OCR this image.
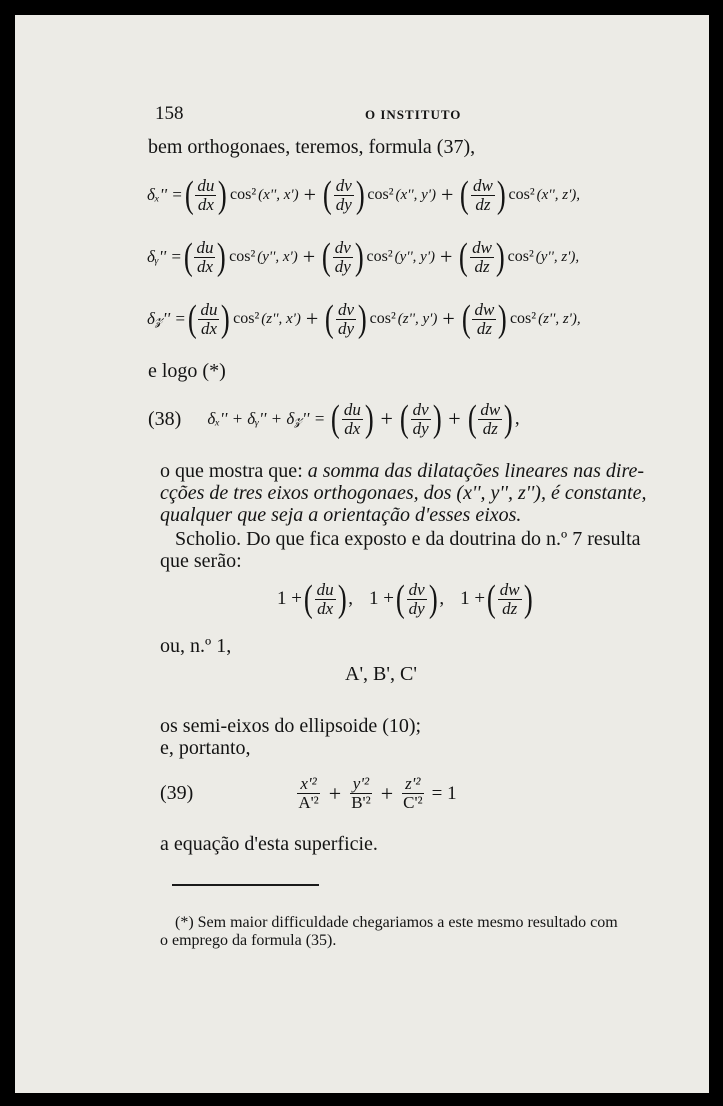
158	O INSTITUTO
bem orthogonaes, teremos, formula (37),
δₓ'' = ( $\frac{du}{dx}$ ) cos² (x'', x') + ( $\frac{dv}{dy}$ ) cos² (x'', y') + ( $\frac{dw}{dz}$ ) cos² (x'', z'),
δᵧ'' = ( $\frac{du}{dx}$ ) cos² (y'', x') + ( $\frac{dv}{dy}$ ) cos² (y'', y') + ( $\frac{dw}{dz}$ ) cos² (y'', z'),
δ𝓏'' = ( $\frac{du}{dx}$ ) cos² (z'', x') + ( $\frac{dv}{dy}$ ) cos² (z'', y') + ( $\frac{dw}{dz}$ ) cos² (z'', z'),
e logo (*)
(38) δₓ'' + δᵧ'' + δ𝓏'' = ( $\frac{du}{dx}$ ) + ( $\frac{dv}{dy}$ ) + ( $\frac{dw}{dz}$ ) ,
o que mostra que: a somma das dilatações lineares nas dire-
cções de tres eixos orthogonaes, dos (x'', y'', z''), é constante,
qualquer que seja a orientação d'esses eixos.
Scholio. Do que fica exposto e da doutrina do n.º 7 resulta
que serão:
1 + ( $\frac{du}{dx}$ ) , 1 + ( $\frac{dv}{dy}$ ) , 1 + ( $\frac{dw}{dz}$ )
ou, n.º 1,
A', B', C'
os semi-eixos do ellipsoide (10);
e, portanto,
(39)	x'²
$A'^2 + \frac{\text{y'²}}{\text{B'²}} + \frac{\text{z'²}}{\text{C'²}} = 1$
a equação d'esta superficie.
(*) Sem maior difficuldade chegariamos a este mesmo resultado com
o emprego da formula (35).
